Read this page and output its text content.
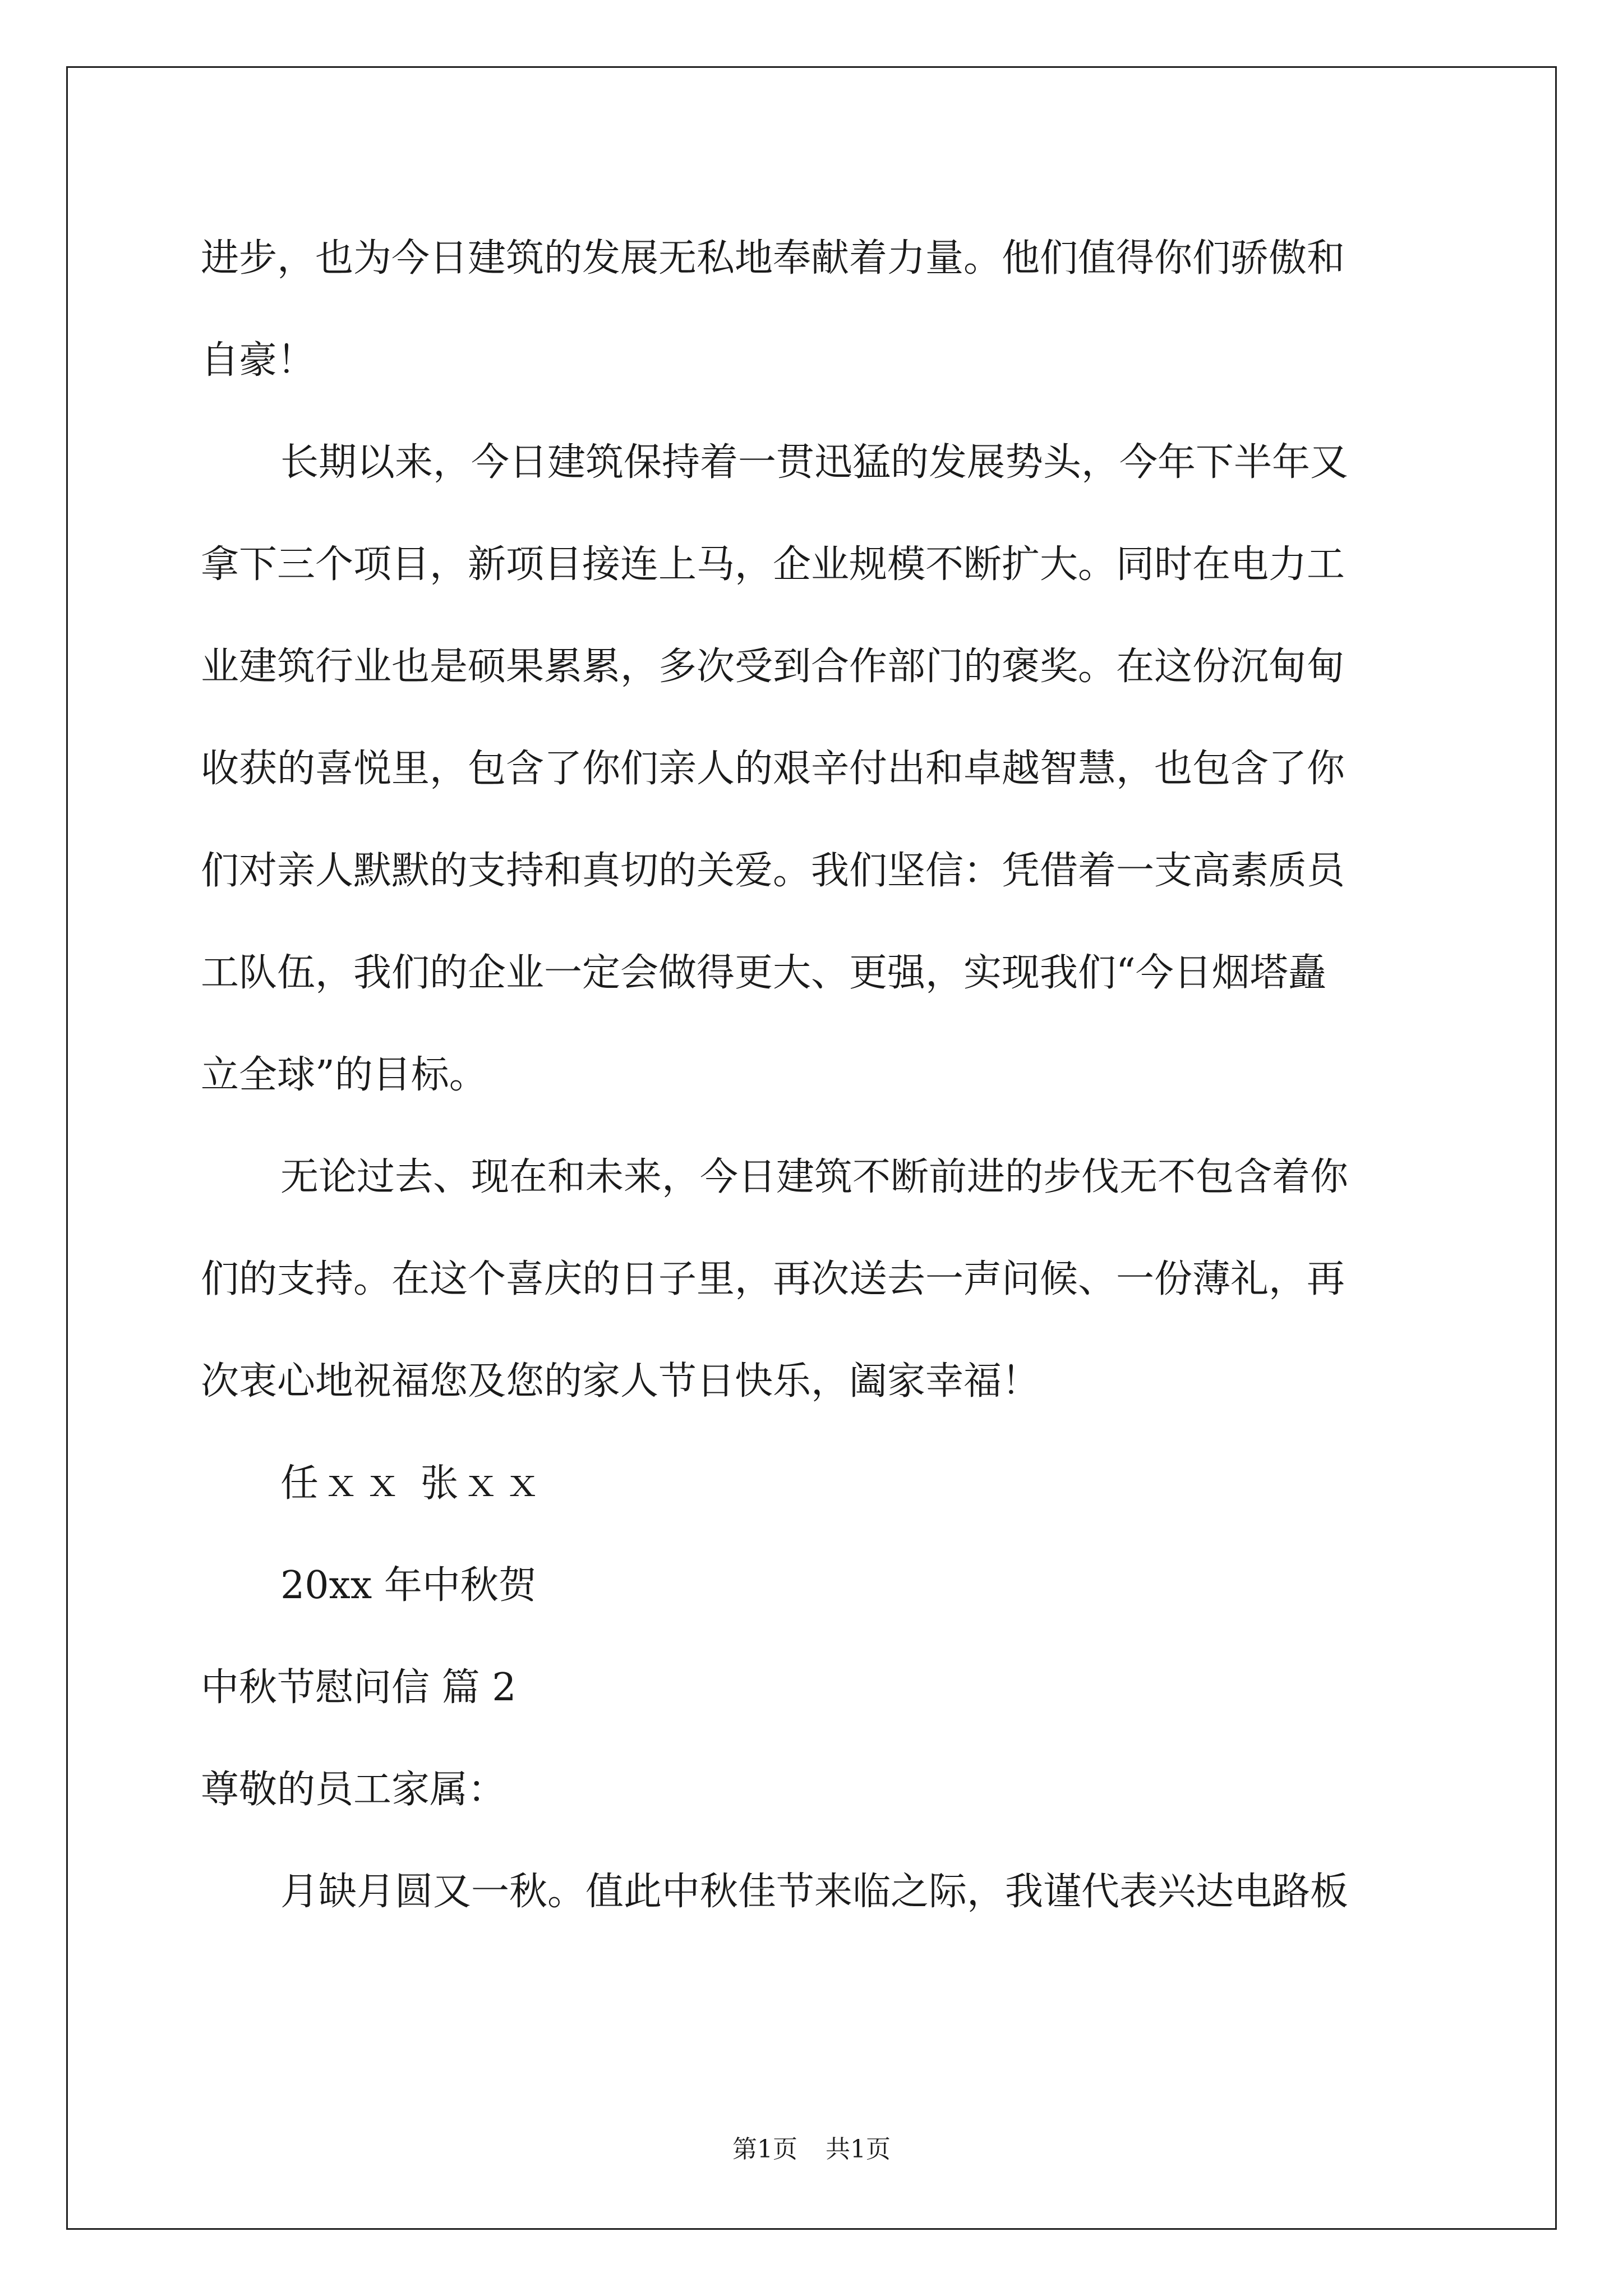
进步，也为今日建筑的发展无私地奉献着力量。他们值得你们骄傲和
自豪！
长期以来，今日建筑保持着一贯迅猛的发展势头，今年下半年又
拿下三个项目，新项目接连上马，企业规模不断扩大。同时在电力工
业建筑行业也是硕果累累，多次受到合作部门的褒奖。在这份沉甸甸
收获的喜悦里，包含了你们亲人的艰辛付出和卓越智慧，也包含了你
们对亲人默默的支持和真切的关爱。我们坚信：凭借着一支高素质员
工队伍，我们的企业一定会做得更大、更强，实现我们“今日烟塔矗
立全球”的目标。
无论过去、现在和未来，今日建筑不断前进的步伐无不包含着你
们的支持。在这个喜庆的日子里，再次送去一声问候、一份薄礼，再
次衷心地祝福您及您的家人节日快乐，阖家幸福！
任ｘｘ 张ｘｘ
20xx 年中秋贺
中秋节慰问信 篇 2
尊敬的员工家属：
月缺月圆又一秋。值此中秋佳节来临之际，我谨代表兴达电路板
第1页 共1页
